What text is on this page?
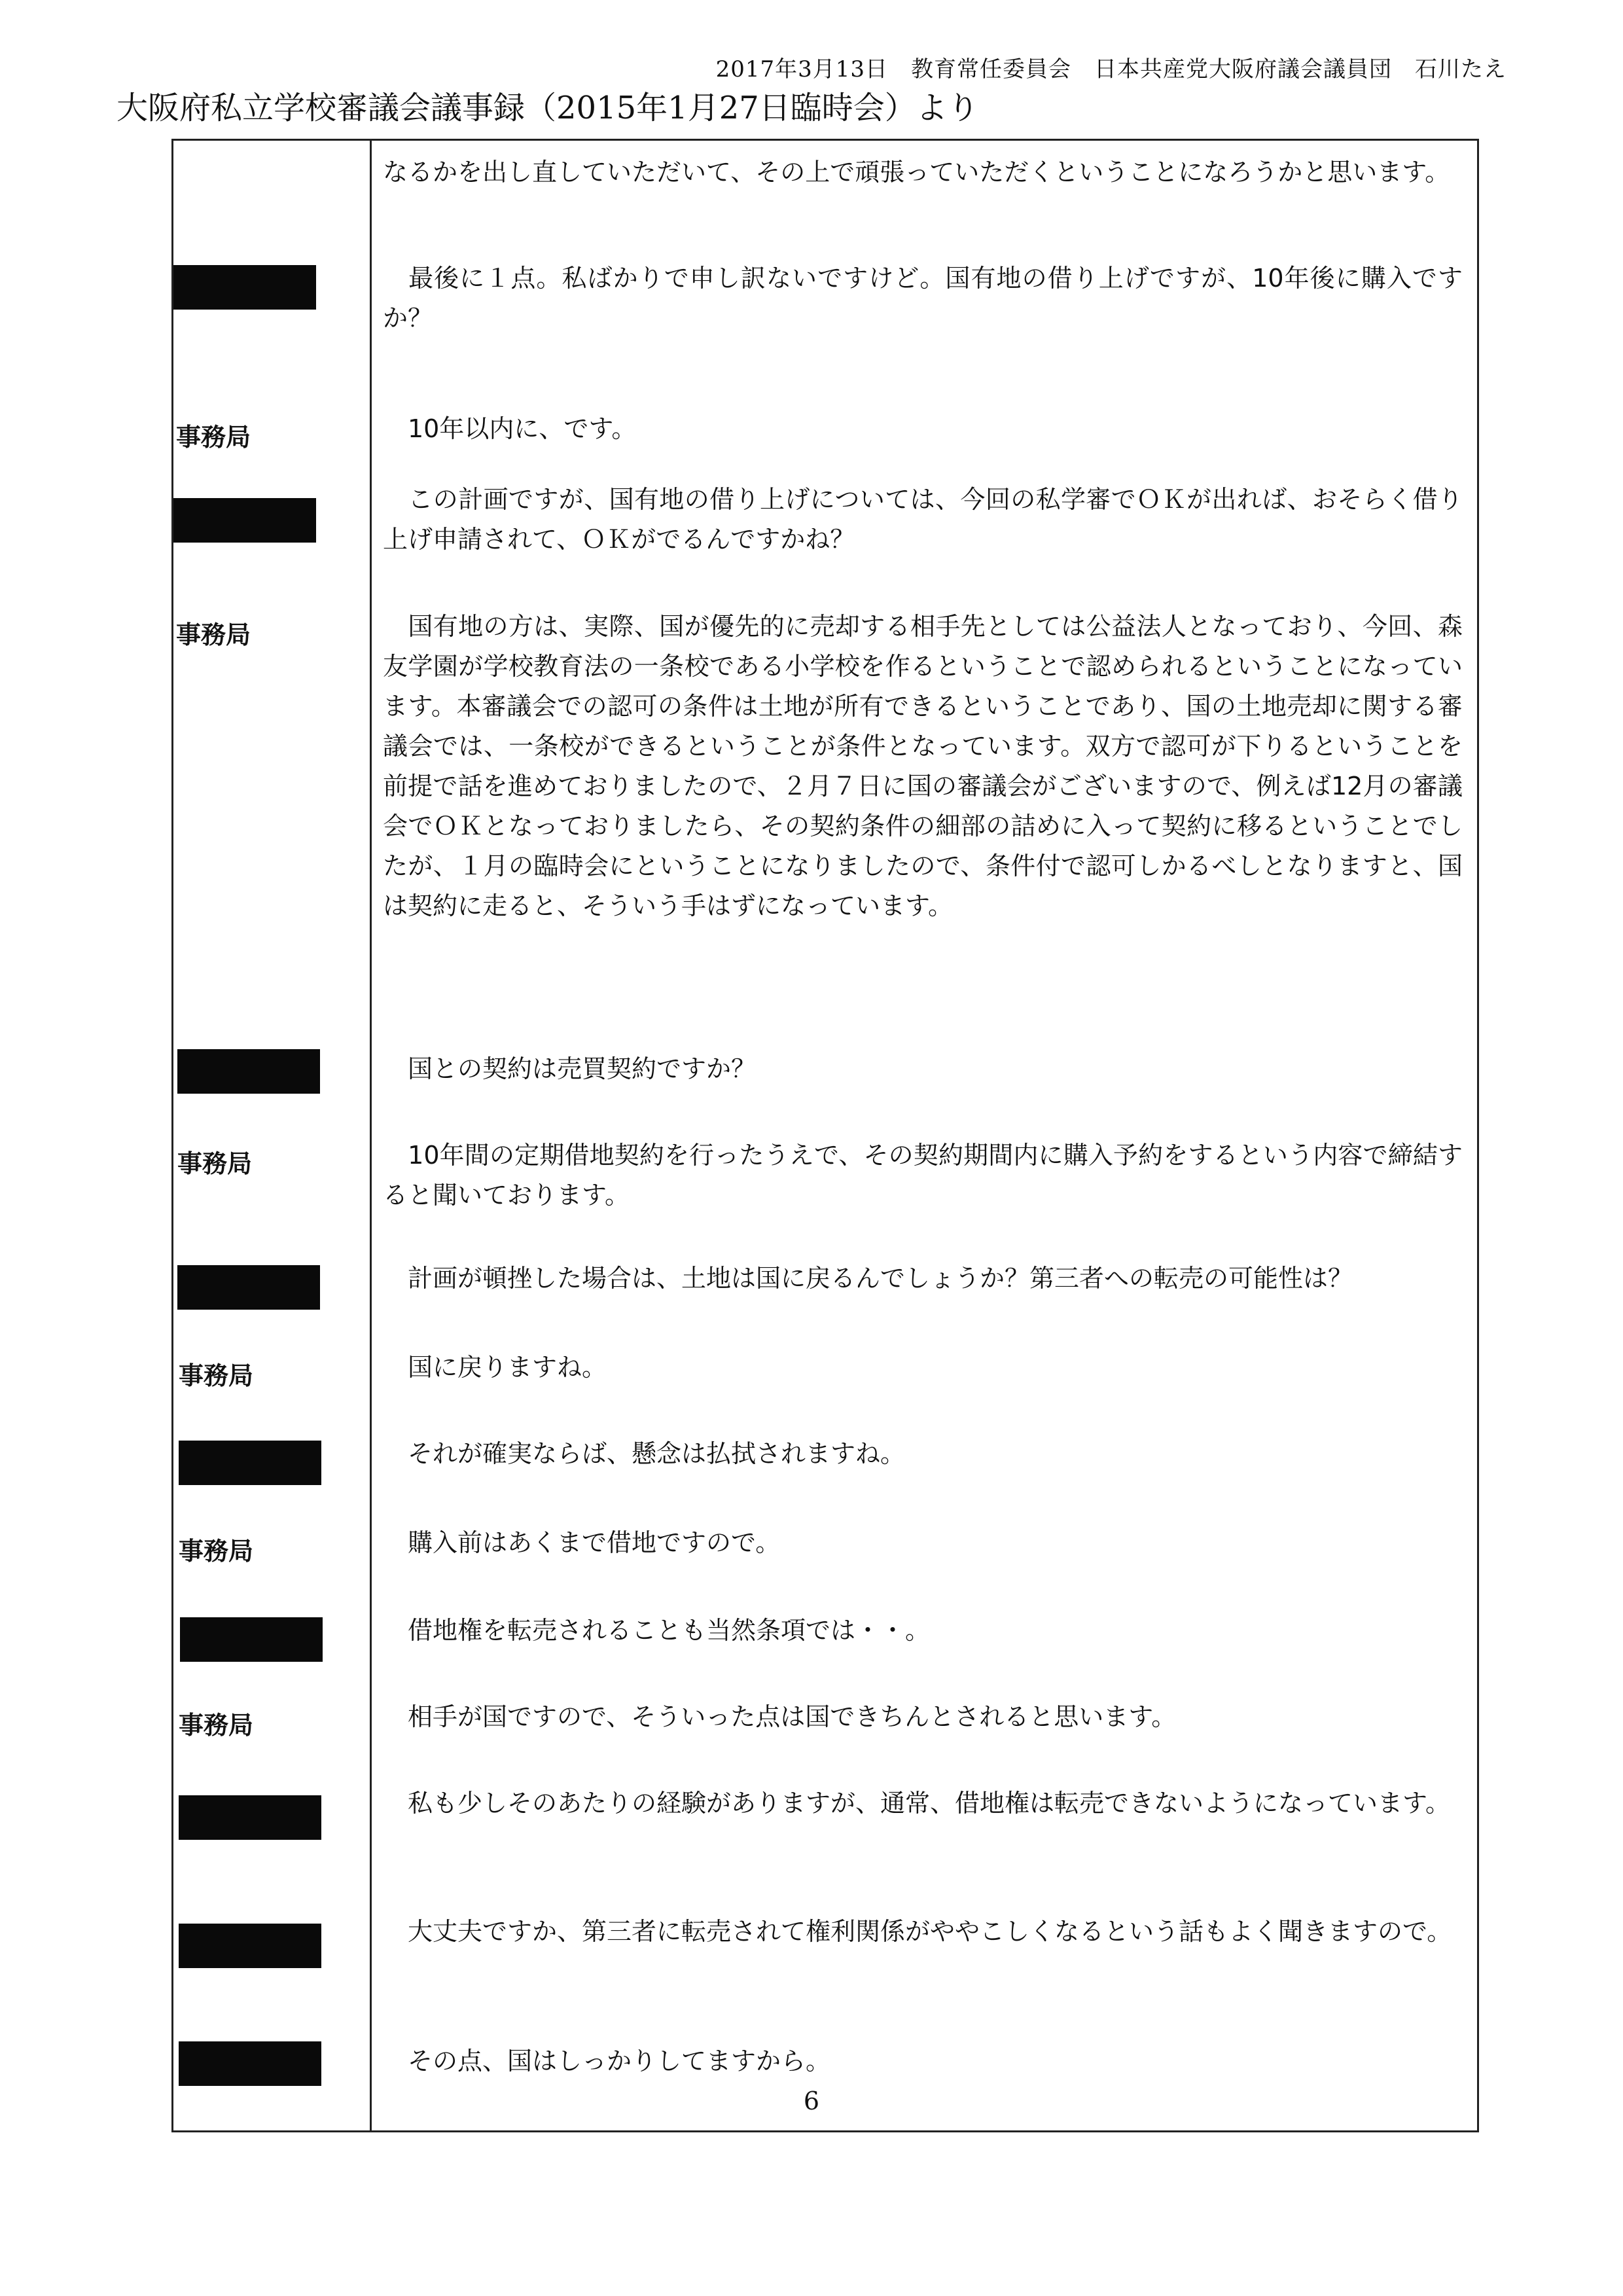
2017年3月13日　教育常任委員会　日本共産党大阪府議会議員団　石川たえ
大阪府私立学校審議会議事録（2015年1月27日臨時会）より
なるかを出し直していただいて、その上で頑張っていただくということになろうかと思います。
　最後に１点。私ばかりで申し訳ないですけど。国有地の借り上げですが、10年後に購入ですか？
事務局	　10年以内に、です。
　この計画ですが、国有地の借り上げについては、今回の私学審でＯＫが出れば、おそらく借り上げ申請されて、ＯＫがでるんですかね？
事務局	　国有地の方は、実際、国が優先的に売却する相手先としては公益法人となっており、今回、森友学園が学校教育法の一条校である小学校を作るということで認められるということになっています。本審議会での認可の条件は土地が所有できるということであり、国の土地売却に関する審議会では、一条校ができるということが条件となっています。双方で認可が下りるということを前提で話を進めておりましたので、２月７日に国の審議会がございますので、例えば12月の審議会でＯＫとなっておりましたら、その契約条件の細部の詰めに入って契約に移るということでしたが、１月の臨時会にということになりましたので、条件付で認可しかるべしとなりますと、国は契約に走ると、そういう手はずになっています。
　国との契約は売買契約ですか？
事務局	　10年間の定期借地契約を行ったうえで、その契約期間内に購入予約をするという内容で締結すると聞いております。
　計画が頓挫した場合は、土地は国に戻るんでしょうか？第三者への転売の可能性は？
事務局	　国に戻りますね。
　それが確実ならば、懸念は払拭されますね。
事務局	　購入前はあくまで借地ですので。
　借地権を転売されることも当然条項では・・。
事務局	　相手が国ですので、そういった点は国できちんとされると思います。
　私も少しそのあたりの経験がありますが、通常、借地権は転売できないようになっています。
　大丈夫ですか、第三者に転売されて権利関係がややこしくなるという話もよく聞きますので。
　その点、国はしっかりしてますから。
6
